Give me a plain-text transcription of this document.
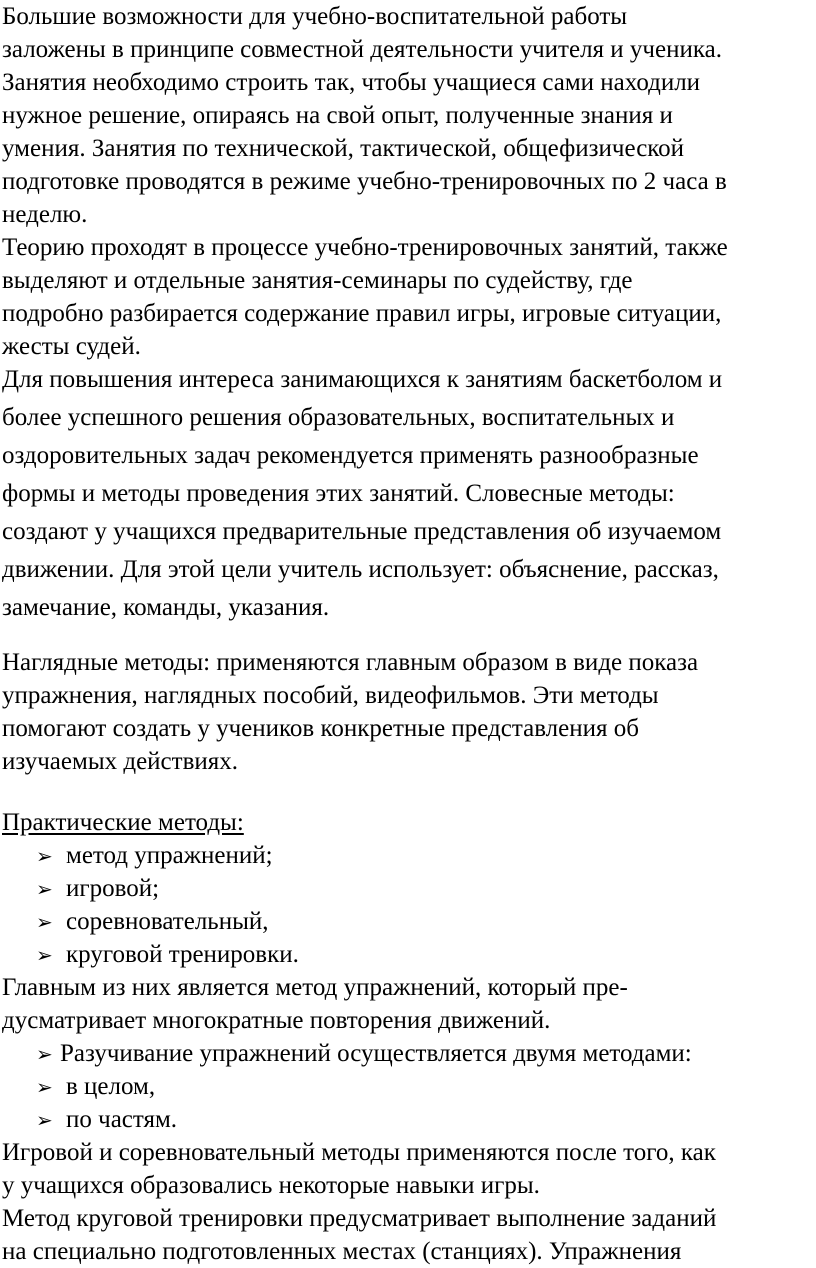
Большие возможности для учебно-воспитательной работы
заложены в принципе совместной деятельности учителя и ученика.
Занятия необходимо строить так, чтобы учащиеся сами находили
нужное решение, опираясь на свой опыт, полученные знания и
умения. Занятия по технической, тактической, общефизической
подготовке проводятся в режиме учебно-тренировочных по 2 часа в
неделю.
Теорию проходят в процессе учебно-тренировочных занятий, также
выделяют и отдельные занятия-семинары по судейству, где
подробно разбирается содержание правил игры, игровые ситуации,
жесты судей.
Для повышения интереса занимающихся к занятиям баскетболом и
более успешного решения образовательных, воспитательных и
оздоровительных задач рекомендуется применять разнообразные
формы и методы проведения этих занятий. Словесные методы:
создают у учащихся предварительные представления об изучаемом
движении. Для этой цели учитель использует: объяснение, рассказ,
замечание, команды, указания.
Наглядные методы: применяются главным образом в виде показа
упражнения, наглядных пособий, видеофильмов. Эти методы
помогают создать у учеников конкретные представления об
изучаемых действиях.
Практические методы:
➢ метод упражнений;
➢ игровой;
➢ соревновательный,
➢ круговой тренировки.
Главным из них является метод упражнений, который пре-
дусматривает многократные повторения движений.
➢ Разучивание упражнений осуществляется двумя методами:
➢ в целом,
➢ по частям.
Игровой и соревновательный методы применяются после того, как
у учащихся образовались некоторые навыки игры.
Метод круговой тренировки предусматривает выполнение заданий
на специально подготовленных местах (станциях). Упражнения
